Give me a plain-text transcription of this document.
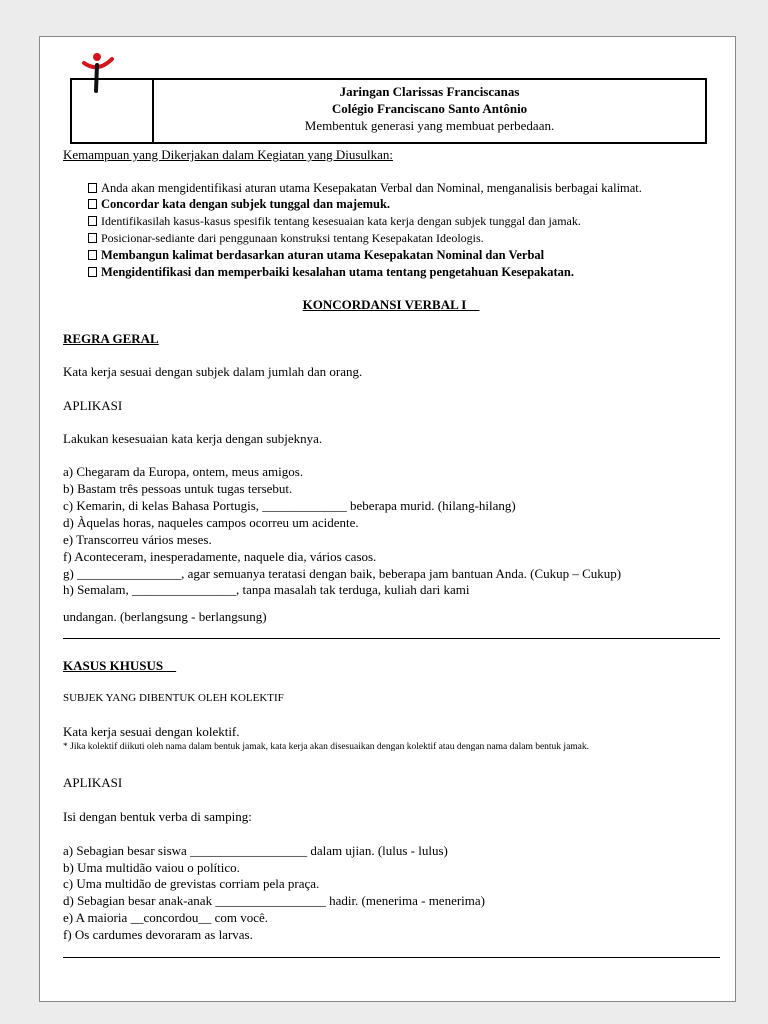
Jaringan Clarissas Franciscanas
Colégio Franciscano Santo Antônio
Membentuk generasi yang membuat perbedaan.
Kemampuan yang Dikerjakan dalam Kegiatan yang Diusulkan:
Anda akan mengidentifikasi aturan utama Kesepakatan Verbal dan Nominal, menganalisis berbagai kalimat.
Concordar kata dengan subjek tunggal dan majemuk.
Identifikasilah kasus-kasus spesifik tentang kesesuaian kata kerja dengan subjek tunggal dan jamak.
Posicionar-sediante dari penggunaan konstruksi tentang Kesepakatan Ideologis.
Membangun kalimat berdasarkan aturan utama Kesepakatan Nominal dan Verbal
Mengidentifikasi dan memperbaiki kesalahan utama tentang pengetahuan Kesepakatan.
KONCORDANSI VERBAL I__
REGRA GERAL
Kata kerja sesuai dengan subjek dalam jumlah dan orang.
APLIKASI
Lakukan kesesuaian kata kerja dengan subjeknya.
a) Chegaram da Europa, ontem, meus amigos.
b) Bastam três pessoas untuk tugas tersebut.
c) Kemarin, di kelas Bahasa Portugis, _____________ beberapa murid. (hilang-hilang)
d) Àquelas horas, naqueles campos ocorreu um acidente.
e) Transcorreu vários meses.
f) Aconteceram, inesperadamente, naquele dia, vários casos.
g) ________________, agar semuanya teratasi dengan baik, beberapa jam bantuan Anda. (Cukup – Cukup)
h) Semalam, ________________, tanpa masalah tak terduga, kuliah dari kami
undangan. (berlangsung - berlangsung)
KASUS KHUSUS__
SUBJEK YANG DIBENTUK OLEH KOLEKTIF
Kata kerja sesuai dengan kolektif.
* Jika kolektif diikuti oleh nama dalam bentuk jamak, kata kerja akan disesuaikan dengan kolektif atau dengan nama dalam bentuk jamak.
APLIKASI
Isi dengan bentuk verba di samping:
a) Sebagian besar siswa __________________ dalam ujian. (lulus - lulus)
b) Uma multidão vaiou o político.
c) Uma multidão de grevistas corriam pela praça.
d) Sebagian besar anak-anak _________________ hadir. (menerima - menerima)
e) A maioria __concordou__ com você.
f) Os cardumes devoraram as larvas.
